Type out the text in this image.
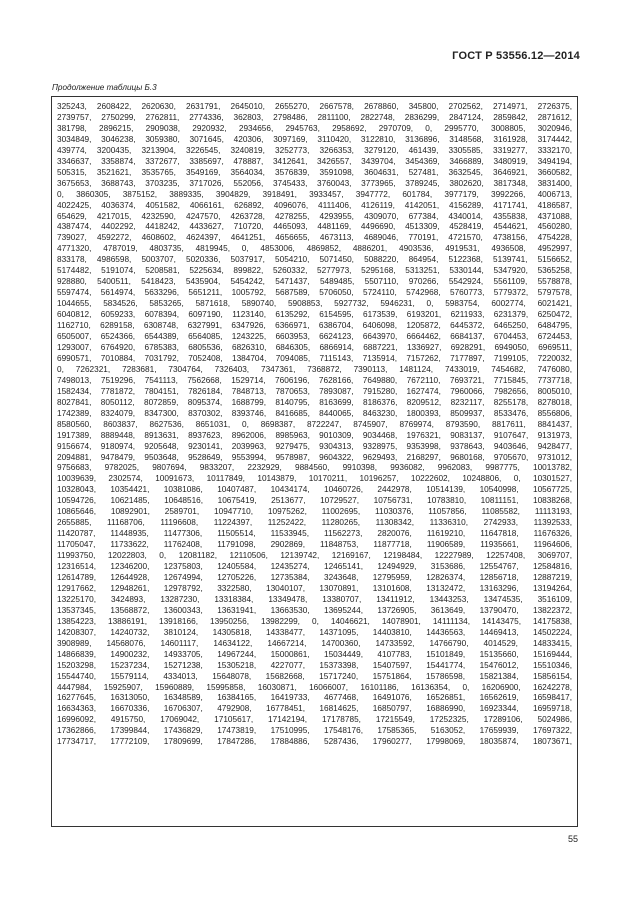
ГОСТ Р 53556.12—2014
Продолжение таблицы Б.3
325243, 2608422, 2620630, 2631791, 2645010, 2655270, 2667578, 2678860, 345800, 2702562, 2714971, 2726375,
2739757, 2750299, 2762811, 2774336, 362803, 2798486, 2811100, 2822748, 2836299, 2847124, 2859842, 2871612,
381798, 2896215, 2909038, 2920932, 2934656, 2945763, 2958692, 2970709, 0, 2995770, 3008805, 3020946,
3034849, 3046238, 3059380, 3071645, 420306, 3097169, 3110420, 3122810, 3136896, 3148568, 3161928, 3174442,
439774, 3200435, 3213904, 3226545, 3240819, 3252773, 3266353, 3279120, 461439, 3305585, 3319277, 3332170,
3346637, 3358874, 3372677, 3385697, 478887, 3412641, 3426557, 3439704, 3454369, 3466889, 3480919, 3494194,
505315, 3521621, 3535765, 3549169, 3564034, 3576839, 3591098, 3604631, 527481, 3632545, 3646921, 3660582,
3675653, 3688743, 3703235, 3717026, 552056, 3745433, 3760043, 3773965, 3789245, 3802620, 3817348, 3831400,
0, 3860305, 3875152, 3889335, 3904829, 3918491, 3933457, 3947772, 601784, 3977179, 3992266, 4006713,
4022425, 4036374, 4051582, 4066161, 626892, 4096076, 4111406, 4126119, 4142051, 4156289, 4171741, 4186587,
654629, 4217015, 4232590, 4247570, 4263728, 4278255, 4293955, 4309070, 677384, 4340014, 4355838, 4371088,
4387474, 4402292, 4418242, 4433627, 710720, 4465093, 4481169, 4496690, 4513309, 4528419, 4544621, 4560280,
739027, 4592272, 4608602, 4624397, 4641251, 4656655, 4673113, 4689046, 770191, 4721570, 4738156, 4754228,
4771320, 4787019, 4803735, 4819945, 0, 4853006, 4869852, 4886201, 4903536, 4919531, 4936508, 4952997,
833178, 4986598, 5003707, 5020336, 5037917, 5054210, 5071450, 5088220, 864954, 5122368, 5139741, 5156652,
5174482, 5191074, 5208581, 5225634, 899822, 5260332, 5277973, 5295168, 5313251, 5330144, 5347920, 5365258,
928880, 5400511, 5418423, 5435904, 5454242, 5471437, 5489485, 5507110, 970266, 5542924, 5561109, 5578878,
5597474, 5614974, 5633296, 5651211, 1005792, 5687589, 5706050, 5724110, 5742968, 5760773, 5779372, 5797578,
1044655, 5834526, 5853265, 5871618, 5890740, 5908853, 5927732, 5946231, 0, 5983754, 6002774, 6021421,
6040812, 6059233, 6078394, 6097190, 1123140, 6135292, 6154595, 6173539, 6193201, 6211933, 6231379, 6250472,
1162710, 6289158, 6308748, 6327991, 6347926, 6366971, 6386704, 6406098, 1205872, 6445372, 6465250, 6484795,
6505007, 6524366, 6544389, 6564085, 1243225, 6603953, 6624123, 6643970, 6664462, 6684137, 6704453, 6724453,
1293007, 6764920, 6785383, 6805536, 6826310, 6846305, 6866914, 6887221, 1336927, 6928291, 6949050, 6969511,
6990571, 7010884, 7031792, 7052408, 1384704, 7094085, 7115143, 7135914, 7157262, 7177897, 7199105, 7220032,
0, 7262321, 7283681, 7304764, 7326403, 7347361, 7368872, 7390113, 1481124, 7433019, 7454682, 7476080,
7498013, 7519296, 7541113, 7562668, 1529714, 7606196, 7628166, 7649880, 7672110, 7693721, 7715845, 7737718,
1582434, 7781872, 7804151, 7826184, 7848713, 7870653, 7893087, 7915280, 1627474, 7960066, 7982656, 8005010,
8027841, 8050112, 8072859, 8095374, 1688799, 8140795, 8163699, 8186376, 8209512, 8232117, 8255178, 8278018,
1742389, 8324079, 8347300, 8370302, 8393746, 8416685, 8440065, 8463230, 1800393, 8509937, 8533476, 8556806,
8580560, 8603837, 8627536, 8651031, 0, 8698387, 8722247, 8745907, 8769974, 8793590, 8817611, 8841437,
1917389, 8889448, 8913631, 8937623, 8962006, 8985963, 9010309, 9034468, 1976321, 9083137, 9107647, 9131973,
9156674, 9180974, 9205648, 9230141, 2039963, 9279475, 9304313, 9328975, 9353998, 9378643, 9403646, 9428477,
2094881, 9478479, 9503648, 9528649, 9553994, 9578987, 9604322, 9629493, 2168297, 9680168, 9705670, 9731012,
9756683, 9782025, 9807694, 9833207, 2232929, 9884560, 9910398, 9936082, 9962083, 9987775, 10013782,
10039639, 2302574, 10091673, 10117849, 10143879, 10170211, 10196257, 10222602, 10248806, 0, 10301527,
10328043, 10354421, 10381086, 10407487, 10434174, 10460726, 2442978, 10514139, 10540998, 10567725,
10594726, 10621485, 10648516, 10675419, 2513677, 10729527, 10756731, 10783810, 10811151, 10838268,
10865646, 10892901, 2589701, 10947710, 10975262, 11002695, 11030376, 11057856, 11085582, 11113193,
2655885, 11168706, 11196608, 11224397, 11252422, 11280265, 11308342, 11336310, 2742933, 11392533,
11420787, 11448935, 11477306, 11505514, 11533945, 11562273, 2820076, 11619210, 11647818, 11676326,
11705047, 11733622, 11762408, 11791098, 2902869, 11848753, 11877718, 11906589, 11935661, 11964606,
11993750, 12022803, 0, 12081182, 12110506, 12139742, 12169167, 12198484, 12227989, 12257408, 3069707,
12316514, 12346200, 12375803, 12405584, 12435274, 12465141, 12494929, 3153686, 12554767, 12584816,
12614789, 12644928, 12674994, 12705226, 12735384, 3243648, 12795959, 12826374, 12856718, 12887219,
12917662, 12948261, 12978792, 3322580, 13040107, 13070891, 13101608, 13132472, 13163296, 13194264,
13225170, 3424893, 13287230, 13318384, 13349478, 13380707, 13411912, 13443253, 13474535, 3516109,
13537345, 13568872, 13600343, 13631941, 13663530, 13695244, 13726905, 3613649, 13790470, 13822372,
13854223, 13886191, 13918166, 13950256, 13982299, 0, 14046621, 14078901, 14111134, 14143475, 14175838,
14208307, 14240732, 3810124, 14305818, 14338477, 14371095, 14403810, 14436563, 14469413, 14502224,
3908989, 14568076, 14601117, 14634122, 14667214, 14700360, 14733592, 14766790, 4014529, 14833415,
14866839, 14900232, 14933705, 14967244, 15000861, 15034449, 4107783, 15101849, 15135660, 15169444,
15203298, 15237234, 15271238, 15305218, 4227077, 15373398, 15407597, 15441774, 15476012, 15510346,
15544740, 15579114, 4334013, 15648078, 15682668, 15717240, 15751864, 15786598, 15821384, 15856154,
4447984, 15925907, 15960889, 15995858, 16030871, 16066007, 16101186, 16136354, 0, 16206900, 16242278,
16277645, 16313050, 16348589, 16384165, 16419733, 4677468, 16491076, 16526851, 16562619, 16598417,
16634363, 16670336, 16706307, 4792908, 16778451, 16814625, 16850797, 16886990, 16923344, 16959718,
16996092, 4915750, 17069042, 17105617, 17142194, 17178785, 17215549, 17252325, 17289106, 5024986,
17362866, 17399844, 17436829, 17473819, 17510995, 17548176, 17585365, 5163052, 17659939, 17697322,
17734717, 17772109, 17809699, 17847286, 17884886, 5287436, 17960277, 17998069, 18035874, 18073671,
55
